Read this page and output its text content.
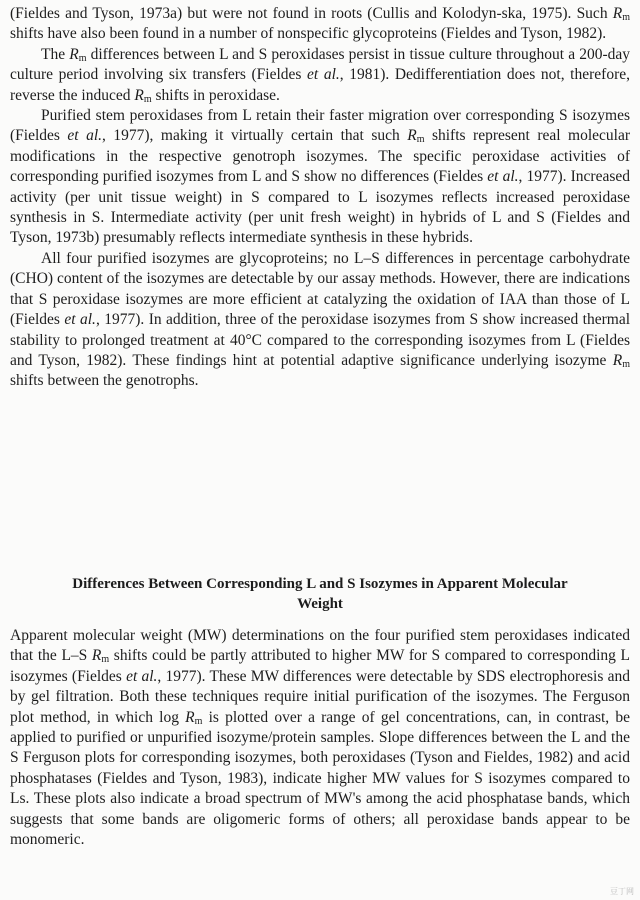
(Fieldes and Tyson, 1973a) but were not found in roots (Cullis and Kolodyn-ska, 1975). Such $R_m$ shifts have also been found in a number of nonspecific glycoproteins (Fieldes and Tyson, 1982).

The $R_m$ differences between L and S peroxidases persist in tissue culture throughout a 200-day culture period involving six transfers (Fieldes et al., 1981). Dedifferentiation does not, therefore, reverse the induced $R_m$ shifts in peroxidase.

Purified stem peroxidases from L retain their faster migration over corresponding S isozymes (Fieldes et al., 1977), making it virtually certain that such $R_m$ shifts represent real molecular modifications in the respective genotroph isozymes. The specific peroxidase activities of corresponding purified isozymes from L and S show no differences (Fieldes et al., 1977). Increased activity (per unit tissue weight) in S compared to L isozymes reflects increased peroxidase synthesis in S. Intermediate activity (per unit fresh weight) in hybrids of L and S (Fieldes and Tyson, 1973b) presumably reflects intermediate synthesis in these hybrids.

All four purified isozymes are glycoproteins; no L–S differences in percentage carbohydrate (CHO) content of the isozymes are detectable by our assay methods. However, there are indications that S peroxidase isozymes are more efficient at catalyzing the oxidation of IAA than those of L (Fieldes et al., 1977). In addition, three of the peroxidase isozymes from S show increased thermal stability to prolonged treatment at 40°C compared to the corresponding isozymes from L (Fieldes and Tyson, 1982). These findings hint at potential adaptive significance underlying isozyme $R_m$ shifts between the genotrophs.

Differences Between Corresponding L and S Isozymes in Apparent Molecular Weight

Apparent molecular weight (MW) determinations on the four purified stem peroxidases indicated that the L–S $R_m$ shifts could be partly attributed to higher MW for S compared to corresponding L isozymes (Fieldes et al., 1977). These MW differences were detectable by SDS electrophoresis and by gel filtration. Both these techniques require initial purification of the isozymes. The Ferguson plot method, in which $\log R_m$ is plotted over a range of gel concentrations, can, in contrast, be applied to purified or unpurified isozyme/protein samples. Slope differences between the L and the S Ferguson plots for corresponding isozymes, both peroxidases (Tyson and Fieldes, 1982) and acid phosphatases (Fieldes and Tyson, 1983), indicate higher MW values for S isozymes compared to Ls. These plots also indicate a broad spectrum of MW's among the acid phosphatase bands, which suggests that some bands are oligomeric forms of others; all peroxidase bands appear to be monomeric.

豆丁网
